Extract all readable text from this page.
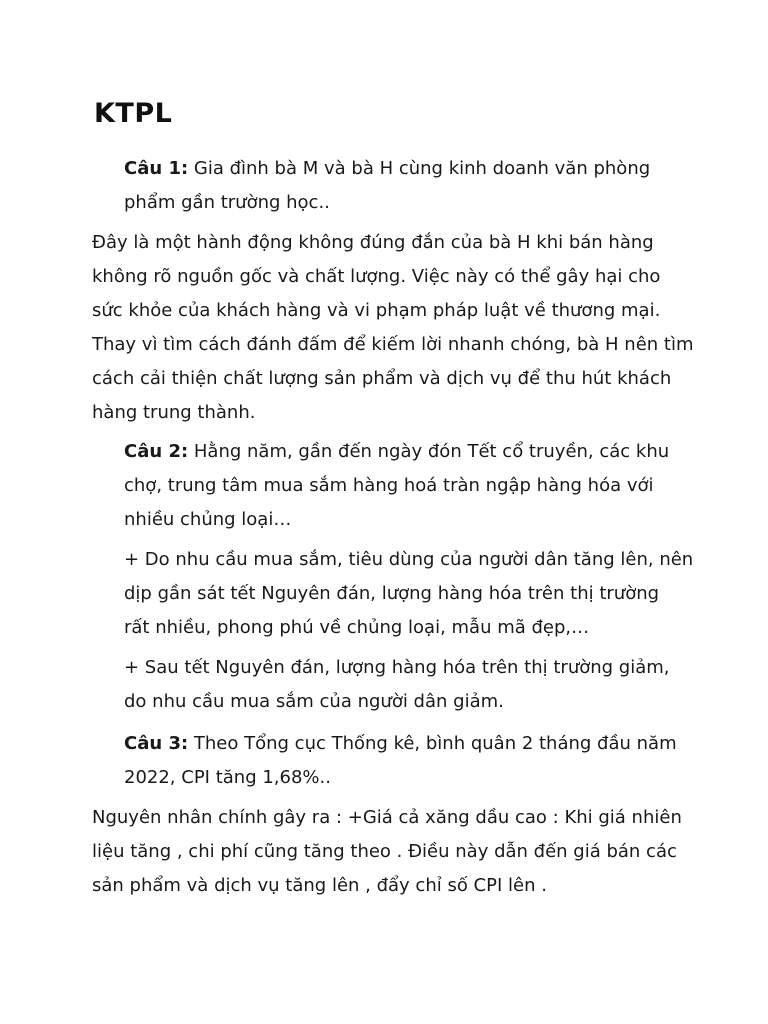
KTPL

Câu 1: Gia đình bà M và bà H cùng kinh doanh văn phòng
phẩm gần trường học..

Đây là một hành động không đúng đắn của bà H khi bán hàng
không rõ nguồn gốc và chất lượng. Việc này có thể gây hại cho
sức khỏe của khách hàng và vi phạm pháp luật về thương mại.
Thay vì tìm cách đánh đấm để kiếm lời nhanh chóng, bà H nên tìm
cách cải thiện chất lượng sản phẩm và dịch vụ để thu hút khách
hàng trung thành.

Câu 2: Hằng năm, gần đến ngày đón Tết cổ truyền, các khu
chợ, trung tâm mua sắm hàng hoá tràn ngập hàng hóa với
nhiều chủng loại…

+ Do nhu cầu mua sắm, tiêu dùng của người dân tăng lên, nên
dịp gần sát tết Nguyên đán, lượng hàng hóa trên thị trường
rất nhiều, phong phú về chủng loại, mẫu mã đẹp,…

+ Sau tết Nguyên đán, lượng hàng hóa trên thị trường giảm,
do nhu cầu mua sắm của người dân giảm.

Câu 3: Theo Tổng cục Thống kê, bình quân 2 tháng đầu năm
2022, CPI tăng 1,68%..

Nguyên nhân chính gây ra : +Giá cả xăng dầu cao : Khi giá nhiên
liệu tăng , chi phí cũng tăng theo . Điều này dẫn đến giá bán các
sản phẩm và dịch vụ tăng lên , đẩy chỉ số CPI lên .
